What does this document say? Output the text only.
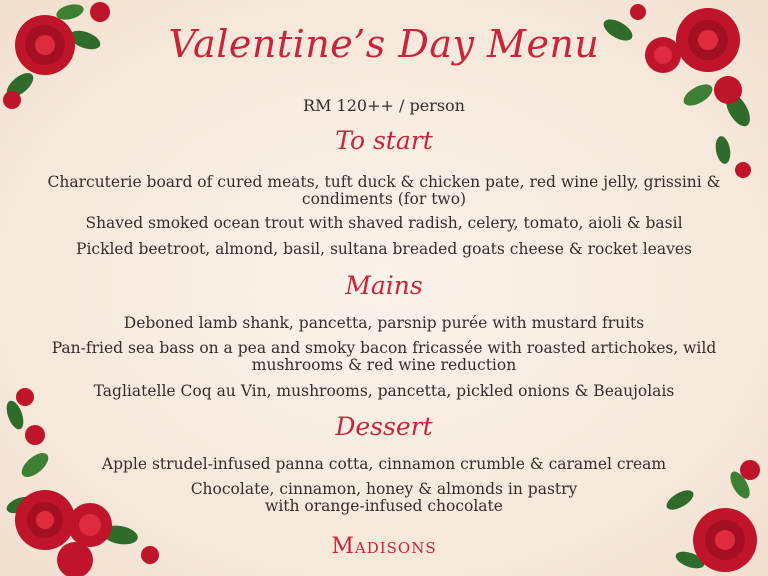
Valentine’s Day Menu
RM 120++ / person
To start
Charcuterie board of cured meats, tuft duck & chicken pate, red wine jelly, grissini & condiments (for two)
Shaved smoked ocean trout with shaved radish, celery, tomato, aioli & basil
Pickled beetroot, almond, basil, sultana breaded goats cheese & rocket leaves
Mains
Deboned lamb shank, pancetta, parsnip purée with mustard fruits
Pan-fried sea bass on a pea and smoky bacon fricassée with roasted artichokes, wild mushrooms & red wine reduction
Tagliatelle Coq au Vin, mushrooms, pancetta, pickled onions & Beaujolais
Dessert
Apple strudel-infused panna cotta, cinnamon crumble & caramel cream
Chocolate, cinnamon, honey & almonds in pastry with orange-infused chocolate
Madisons
